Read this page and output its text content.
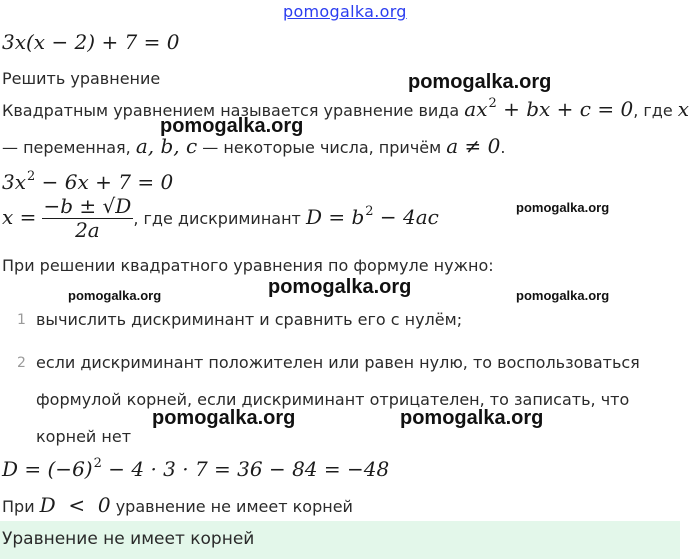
pomogalka.org
3x(x − 2) + 7 = 0
Решить уравнение	pomogalka.org
Квадратным уравнением называется уравнение вида $ax^2$ + bx + c = 0, где x
pomogalka.org
— переменная, a, b, c — некоторые числа, причём a ≠ 0.
$3x^2 - 6x + 7 = 0$
pomogalka.org
$x = \frac{-b \pm √D}{2a}$ , где дискриминант $D = b^2 - 4ac$
При решении квадратного уравнения по формуле нужно:
pomogalka.org	pomogalka.org	pomogalka.org
1 вычислить дискриминант и сравнить его с нулём;
2 если дискриминант положителен или равен нулю, то воспользоваться
формулой корней, если дискриминант отрицателен, то записать, что
pomogalka.org	pomogalka.org
корней нет
$D = (-6)^2 - 4 \cdot 3 \cdot 7 = 36 - 84 = -48$
При D  <  0 уравнение не имеет корней
Уравнение не имеет корней
